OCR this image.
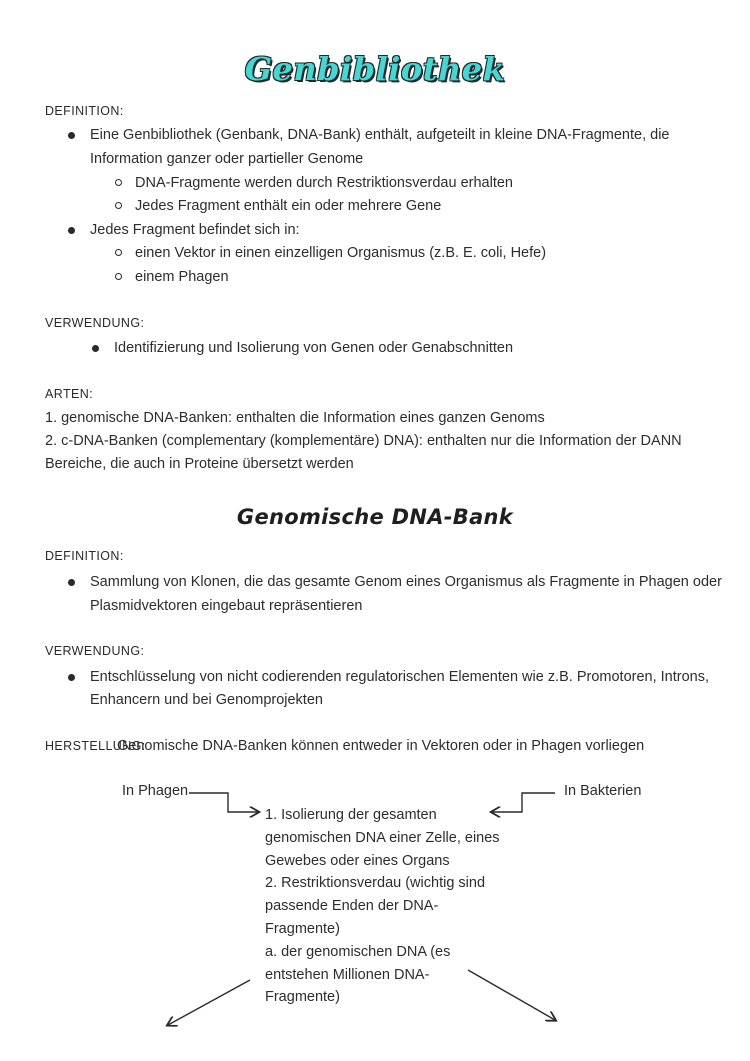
Genbibliothek
DEFINITION:
Eine Genbibliothek (Genbank, DNA-Bank) enthält, aufgeteilt in kleine DNA-Fragmente, die
Information ganzer oder partieller Genome
DNA-Fragmente werden durch Restriktionsverdau erhalten
Jedes Fragment enthält ein oder mehrere Gene
Jedes Fragment befindet sich in:
einen Vektor in einen einzelligen Organismus (z.B. E. coli, Hefe)
einem Phagen
VERWENDUNG:
Identifizierung und Isolierung von Genen oder Genabschnitten
ARTEN:
1. genomische DNA-Banken: enthalten die Information eines ganzen Genoms
2. c-DNA-Banken (complementary (komplementäre) DNA): enthalten nur die Information der DANN
Bereiche, die auch in Proteine übersetzt werden
Genomische DNA-Bank
DEFINITION:
Sammlung von Klonen, die das gesamte Genom eines Organismus als Fragmente in Phagen oder
Plasmidvektoren eingebaut repräsentieren
VERWENDUNG:
Entschlüsselung von nicht codierenden regulatorischen Elementen wie z.B. Promotoren, Introns,
Enhancern und bei Genomprojekten
HERSTELLUNG:
Genomische DNA-Banken können entweder in Vektoren oder in Phagen vorliegen
In Phagen	In Bakterien
1. Isolierung der gesamten
genomischen DNA einer Zelle, eines
Gewebes oder eines Organs
2. Restriktionsverdau (wichtig sind
passende Enden der DNA-
Fragmente)
a. der genomischen DNA (es
entstehen Millionen DNA-
Fragmente)
